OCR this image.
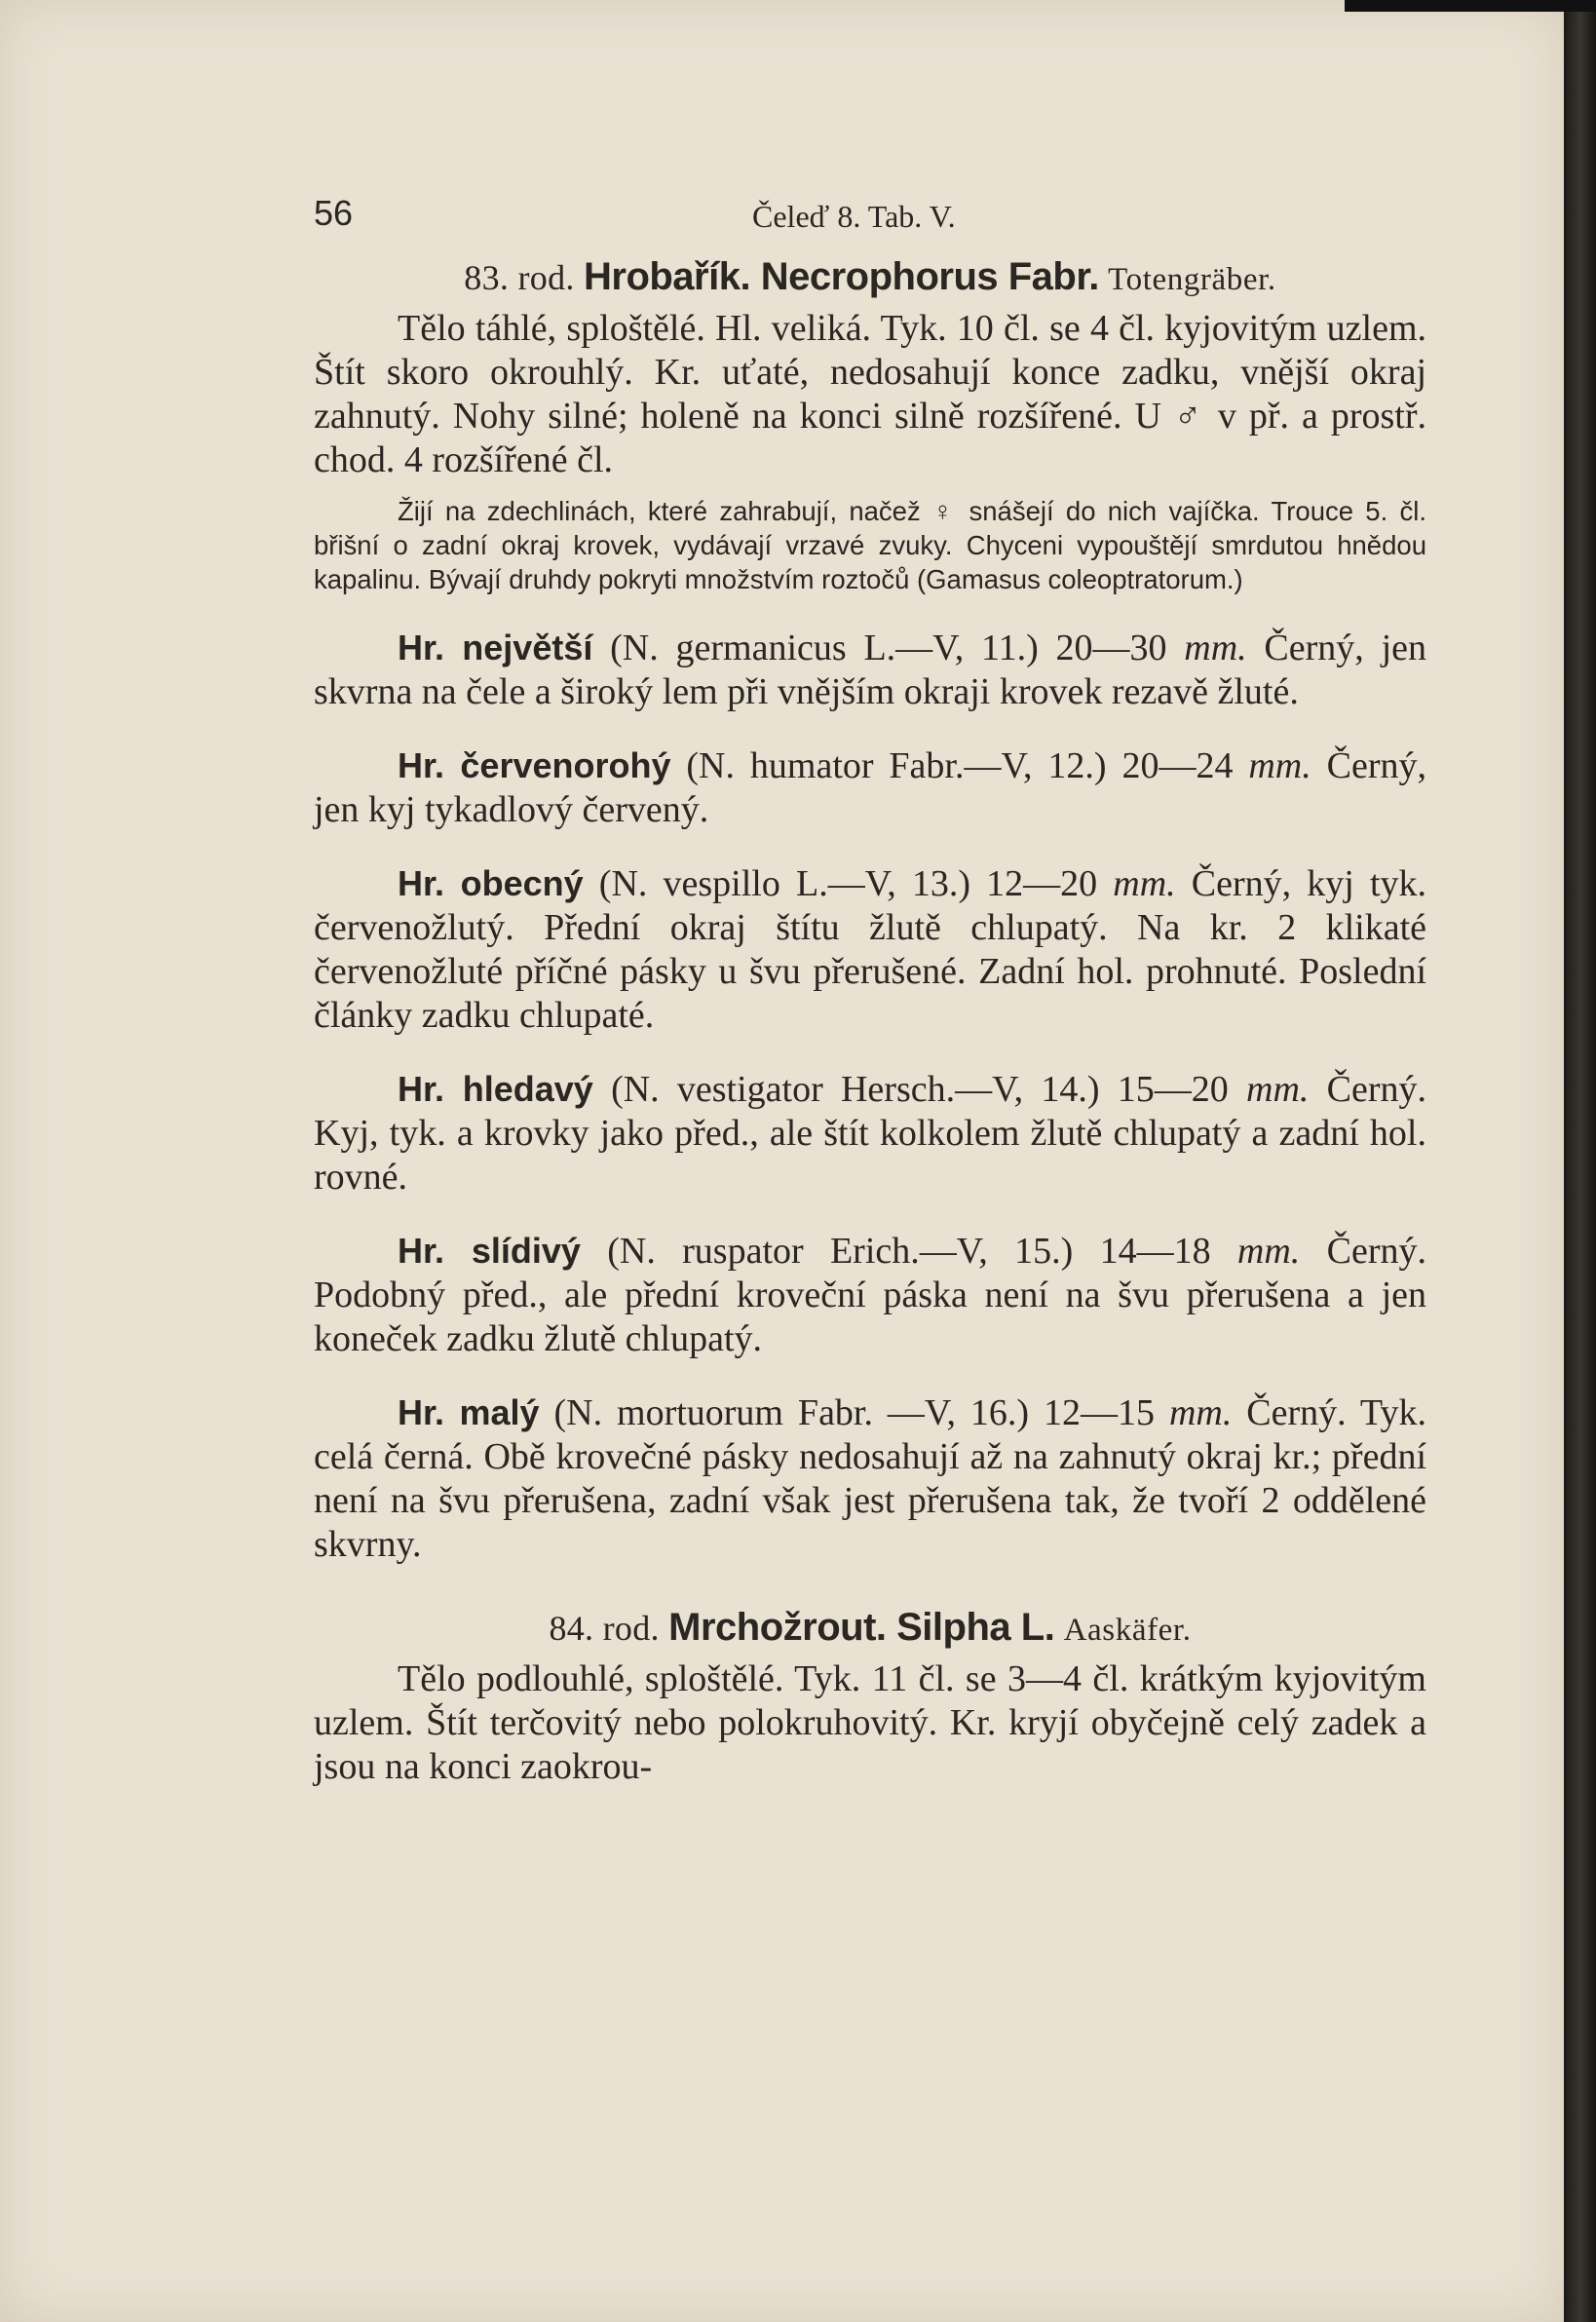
56	Čeleď 8. Tab. V.
83. rod. Hrobařík. Necrophorus Fabr. Totengräber.

Tělo táhlé, sploštělé. Hl. veliká. Tyk. 10 čl. se 4 čl. kyjovitým uzlem. Štít skoro okrouhlý. Kr. uťaté, nedosahují konce zadku, vnější okraj zahnutý. Nohy silné; holeně na konci silně rozšířené. U ♂ v př. a prostř. chod. 4 rozšířené čl.

Žijí na zdechlinách, které zahrabují, načež ♀ snášejí do nich vajíčka. Trouce 5. čl. břišní o zadní okraj krovek, vydávají vrzavé zvuky. Chyceni vypouštějí smrdutou hnědou kapalinu. Bývají druhdy pokryti množstvím roztočů (Gamasus coleoptratorum.)

Hr. největší (N. germanicus L.—V, 11.) 20—30 mm. Černý, jen skvrna na čele a široký lem při vnějším okraji krovek rezavě žluté.

Hr. červenorohý (N. humator Fabr.—V, 12.) 20—24 mm. Černý, jen kyj tykadlový červený.

Hr. obecný (N. vespillo L.—V, 13.) 12—20 mm. Černý, kyj tyk. červenožlutý. Přední okraj štítu žlutě chlupatý. Na kr. 2 klikaté červenožluté příčné pásky u švu přerušené. Zadní hol. prohnuté. Poslední články zadku chlupaté.

Hr. hledavý (N. vestigator Hersch.—V, 14.) 15—20 mm. Černý. Kyj, tyk. a krovky jako před., ale štít kolkolem žlutě chlupatý a zadní hol. rovné.

Hr. slídivý (N. ruspator Erich.—V, 15.) 14—18 mm. Černý. Podobný před., ale přední kroveční páska není na švu přerušena a jen koneček zadku žlutě chlupatý.

Hr. malý (N. mortuorum Fabr. —V, 16.) 12—15 mm. Černý. Tyk. celá černá. Obě krovečné pásky nedosahují až na zahnutý okraj kr.; přední není na švu přerušena, zadní však jest přerušena tak, že tvoří 2 oddělené skvrny.

84. rod. Mrchožrout. Silpha L. Aaskäfer.

Tělo podlouhlé, sploštělé. Tyk. 11 čl. se 3—4 čl. krátkým kyjovitým uzlem. Štít terčovitý nebo polokruhovitý. Kr. kryjí obyčejně celý zadek a jsou na konci zaokrou-
